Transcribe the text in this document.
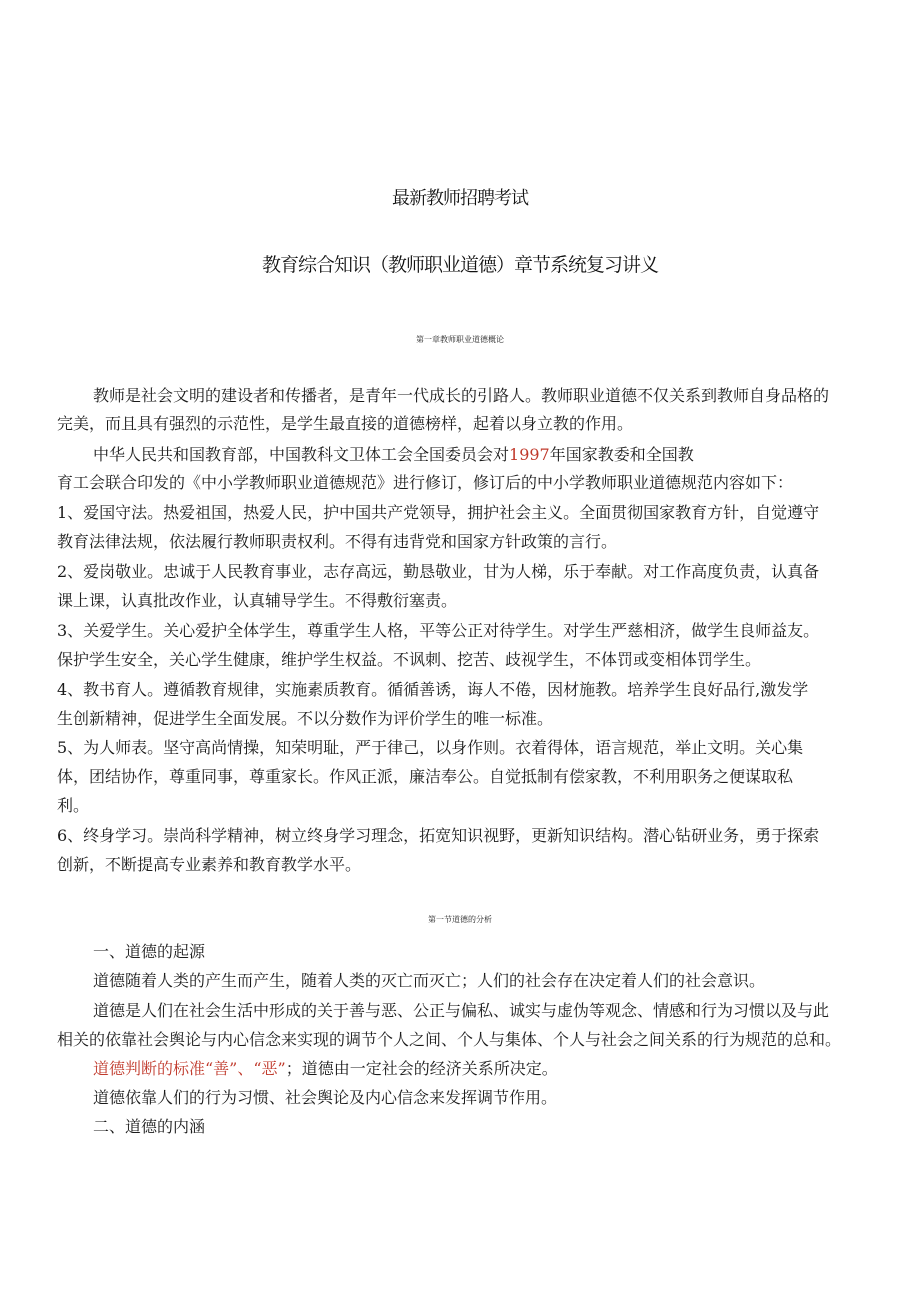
最新教师招聘考试
教育综合知识（教师职业道德）章节系统复习讲义
第一章教师职业道德概论
教师是社会文明的建设者和传播者，是青年一代成长的引路人。教师职业道德不仅关系到教师自身品格的
完美，而且具有强烈的示范性，是学生最直接的道德榜样，起着以身立教的作用。
中华人民共和国教育部，中国教科文卫体工会全国委员会对1997年国家教委和全国教
育工会联合印发的《中小学教师职业道德规范》进行修订，修订后的中小学教师职业道德规范内容如下：
1、爱国守法。热爱祖国，热爱人民，护中国共产党领导，拥护社会主义。全面贯彻国家教育方针，自觉遵守
教育法律法规，依法履行教师职责权利。不得有违背党和国家方针政策的言行。
2、爱岗敬业。忠诚于人民教育事业，志存高远，勤恳敬业，甘为人梯，乐于奉献。对工作高度负责，认真备
课上课，认真批改作业，认真辅导学生。不得敷衍塞责。
3、关爱学生。关心爱护全体学生，尊重学生人格，平等公正对待学生。对学生严慈相济，做学生良师益友。
保护学生安全，关心学生健康，维护学生权益。不讽刺、挖苦、歧视学生，不体罚或变相体罚学生。
4、教书育人。遵循教育规律，实施素质教育。循循善诱，诲人不倦，因材施教。培养学生良好品行,激发学
生创新精神，促进学生全面发展。不以分数作为评价学生的唯一标准。
5、为人师表。坚守高尚情操，知荣明耻，严于律己，以身作则。衣着得体，语言规范，举止文明。关心集
体，团结协作，尊重同事，尊重家长。作风正派，廉洁奉公。自觉抵制有偿家教，不利用职务之便谋取私
利。
6、终身学习。崇尚科学精神，树立终身学习理念，拓宽知识视野，更新知识结构。潜心钻研业务，勇于探索
创新，不断提高专业素养和教育教学水平。
第一节道德的分析
一、道德的起源
道德随着人类的产生而产生，随着人类的灭亡而灭亡；人们的社会存在决定着人们的社会意识。
道德是人们在社会生活中形成的关于善与恶、公正与偏私、诚实与虚伪等观念、情感和行为习惯以及与此
相关的依靠社会舆论与内心信念来实现的调节个人之间、个人与集体、个人与社会之间关系的行为规范的总和。
道德判断的标准“善”、“恶”；道德由一定社会的经济关系所决定。
道德依靠人们的行为习惯、社会舆论及内心信念来发挥调节作用。
二、道德的内涵
